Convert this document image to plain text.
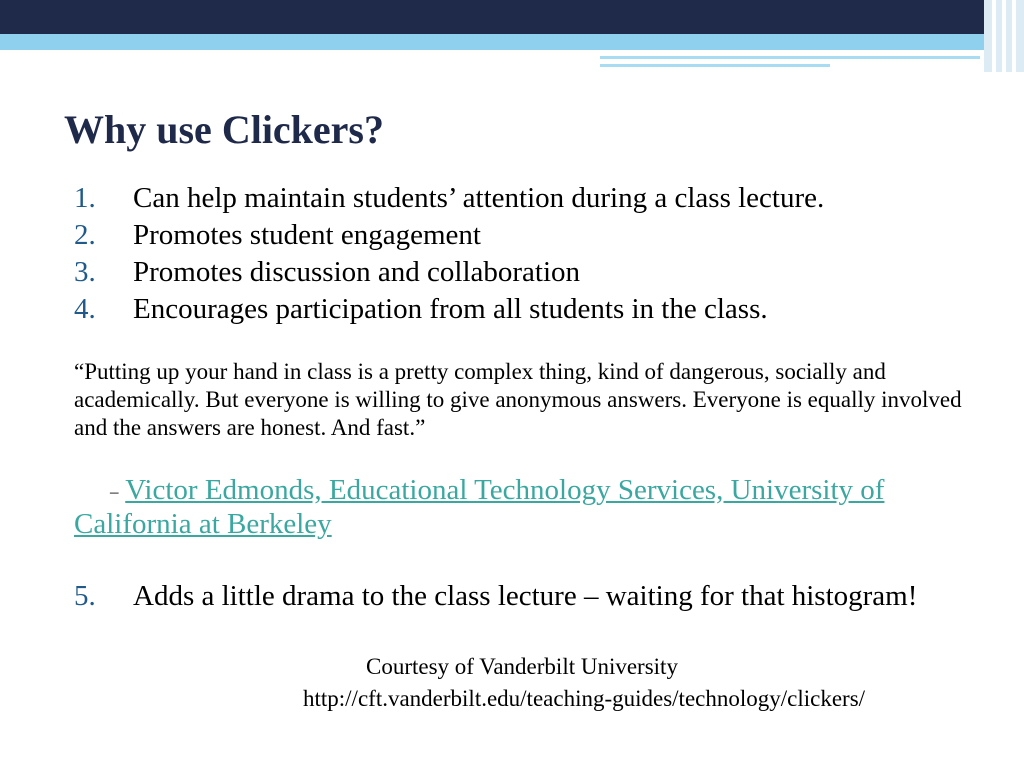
Why use Clickers?
1. Can help maintain students’ attention during a class lecture.
2. Promotes student engagement
3. Promotes discussion and collaboration
4. Encourages participation from all students in the class.
“Putting up your hand in class is a pretty complex thing, kind of dangerous, socially and academically. But everyone is willing to give anonymous answers. Everyone is equally involved and the answers are honest. And fast.”
– Victor Edmonds, Educational Technology Services, University of California at Berkeley
5. Adds a little drama to the class lecture – waiting for that histogram!
Courtesy of Vanderbilt University
http://cft.vanderbilt.edu/teaching-guides/technology/clickers/
